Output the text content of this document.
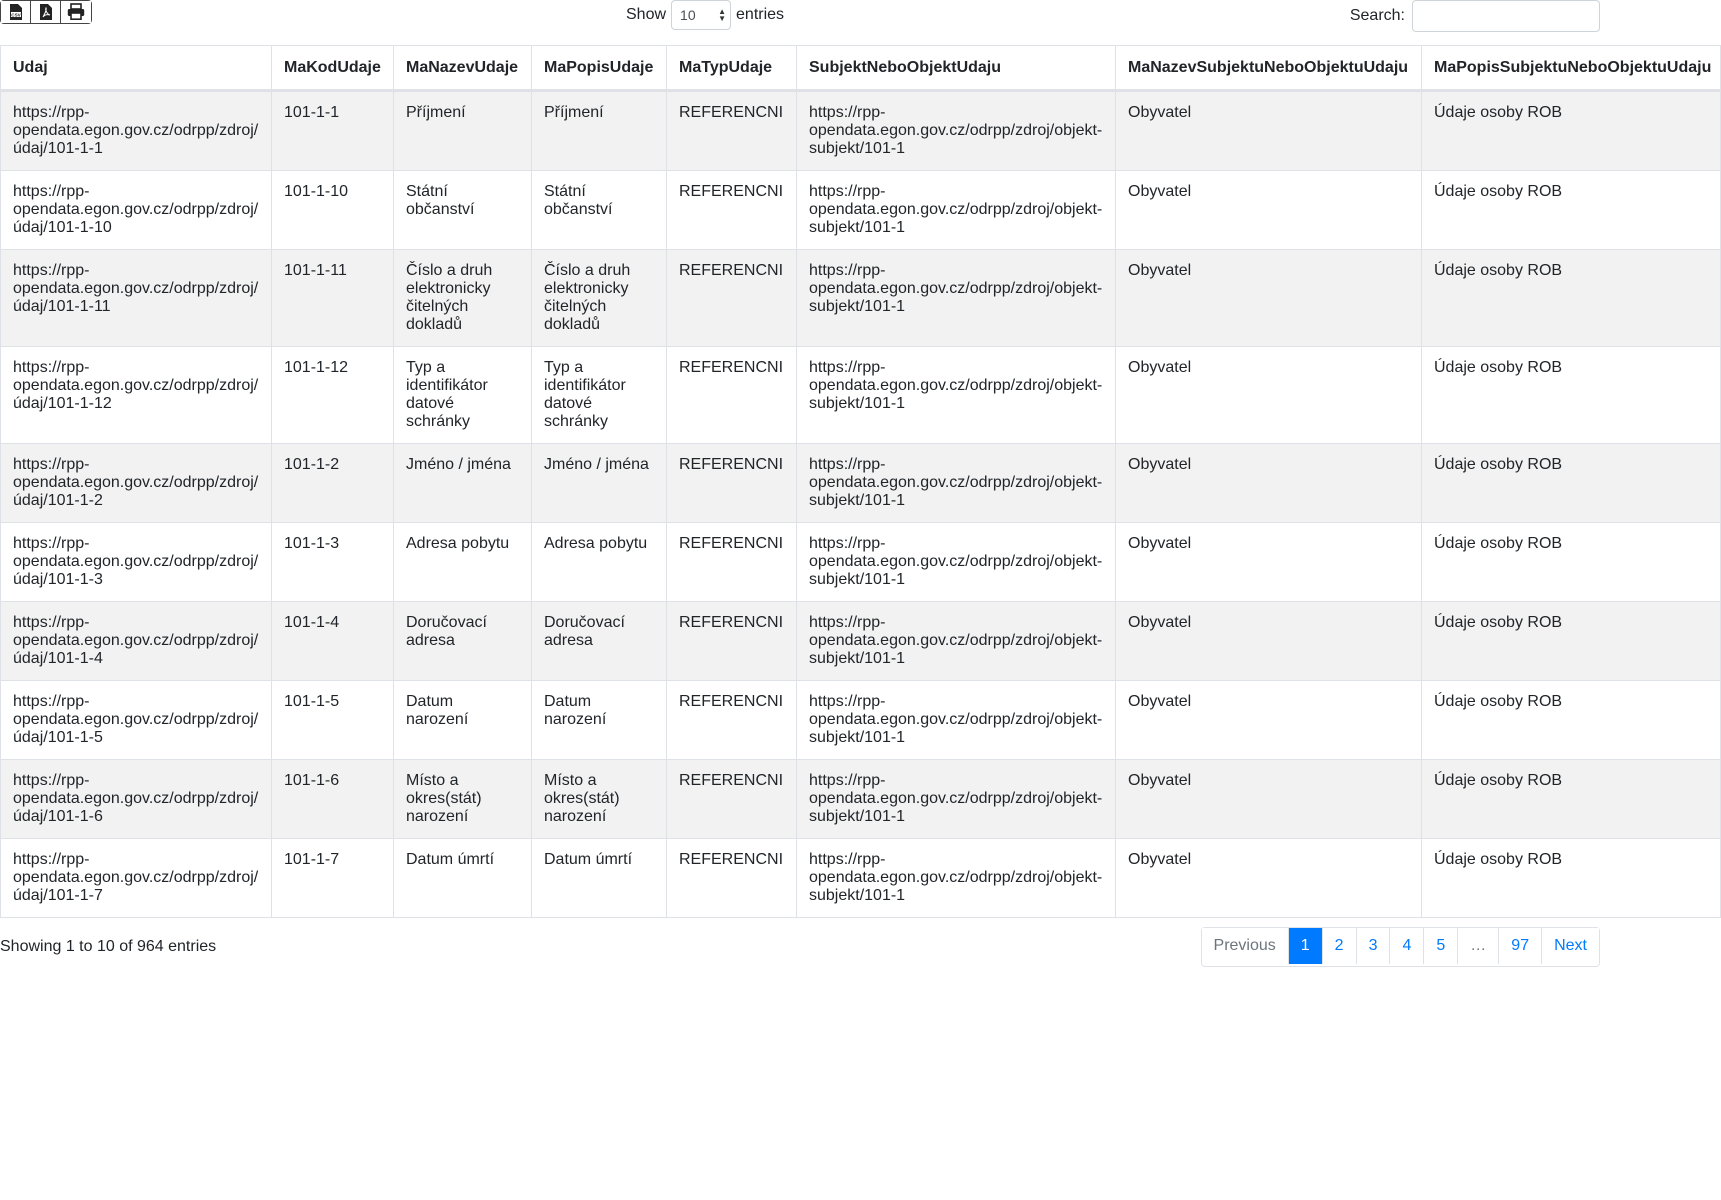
CSV	Show
10	▲
▼ entries	Search:
Udaj	MaKodUdaje	MaNazevUdaje	MaPopisUdaje	MaTypUdaje	SubjektNeboObjektUdaju	MaNazevSubjektuNeboObjektuUdaju	MaPopisSubjektuNeboObjektuUdaju
https://rpp-opendata.egon.gov.cz/odrpp/zdroj/údaj/101-1-1	101-1-1	Příjmení	Příjmení	REFERENCNI	https://rpp-opendata.egon.gov.cz/odrpp/zdroj/objekt-subjekt/101-1	Obyvatel	Údaje osoby ROB
https://rpp-opendata.egon.gov.cz/odrpp/zdroj/údaj/101-1-10	101-1-10	Státní občanství	Státní občanství	REFERENCNI	https://rpp-opendata.egon.gov.cz/odrpp/zdroj/objekt-subjekt/101-1	Obyvatel	Údaje osoby ROB
https://rpp-opendata.egon.gov.cz/odrpp/zdroj/údaj/101-1-11	101-1-11	Číslo a druh elektronicky čitelných dokladů	Číslo a druh elektronicky čitelných dokladů	REFERENCNI	https://rpp-opendata.egon.gov.cz/odrpp/zdroj/objekt-subjekt/101-1	Obyvatel	Údaje osoby ROB
https://rpp-opendata.egon.gov.cz/odrpp/zdroj/údaj/101-1-12	101-1-12	Typ a identifikátor datové schránky	Typ a identifikátor datové schránky	REFERENCNI	https://rpp-opendata.egon.gov.cz/odrpp/zdroj/objekt-subjekt/101-1	Obyvatel	Údaje osoby ROB
https://rpp-opendata.egon.gov.cz/odrpp/zdroj/údaj/101-1-2	101-1-2	Jméno / jména	Jméno / jména	REFERENCNI	https://rpp-opendata.egon.gov.cz/odrpp/zdroj/objekt-subjekt/101-1	Obyvatel	Údaje osoby ROB
https://rpp-opendata.egon.gov.cz/odrpp/zdroj/údaj/101-1-3	101-1-3	Adresa pobytu	Adresa pobytu	REFERENCNI	https://rpp-opendata.egon.gov.cz/odrpp/zdroj/objekt-subjekt/101-1	Obyvatel	Údaje osoby ROB
https://rpp-opendata.egon.gov.cz/odrpp/zdroj/údaj/101-1-4	101-1-4	Doručovací adresa	Doručovací adresa	REFERENCNI	https://rpp-opendata.egon.gov.cz/odrpp/zdroj/objekt-subjekt/101-1	Obyvatel	Údaje osoby ROB
https://rpp-opendata.egon.gov.cz/odrpp/zdroj/údaj/101-1-5	101-1-5	Datum narození	Datum narození	REFERENCNI	https://rpp-opendata.egon.gov.cz/odrpp/zdroj/objekt-subjekt/101-1	Obyvatel	Údaje osoby ROB
https://rpp-opendata.egon.gov.cz/odrpp/zdroj/údaj/101-1-6	101-1-6	Místo a okres(stát) narození	Místo a okres(stát) narození	REFERENCNI	https://rpp-opendata.egon.gov.cz/odrpp/zdroj/objekt-subjekt/101-1	Obyvatel	Údaje osoby ROB
https://rpp-opendata.egon.gov.cz/odrpp/zdroj/údaj/101-1-7	101-1-7	Datum úmrtí	Datum úmrtí	REFERENCNI	https://rpp-opendata.egon.gov.cz/odrpp/zdroj/objekt-subjekt/101-1	Obyvatel	Údaje osoby ROB
Showing 1 to 10 of 964 entries	Previous	1	2	3	4	5	…	97	Next
